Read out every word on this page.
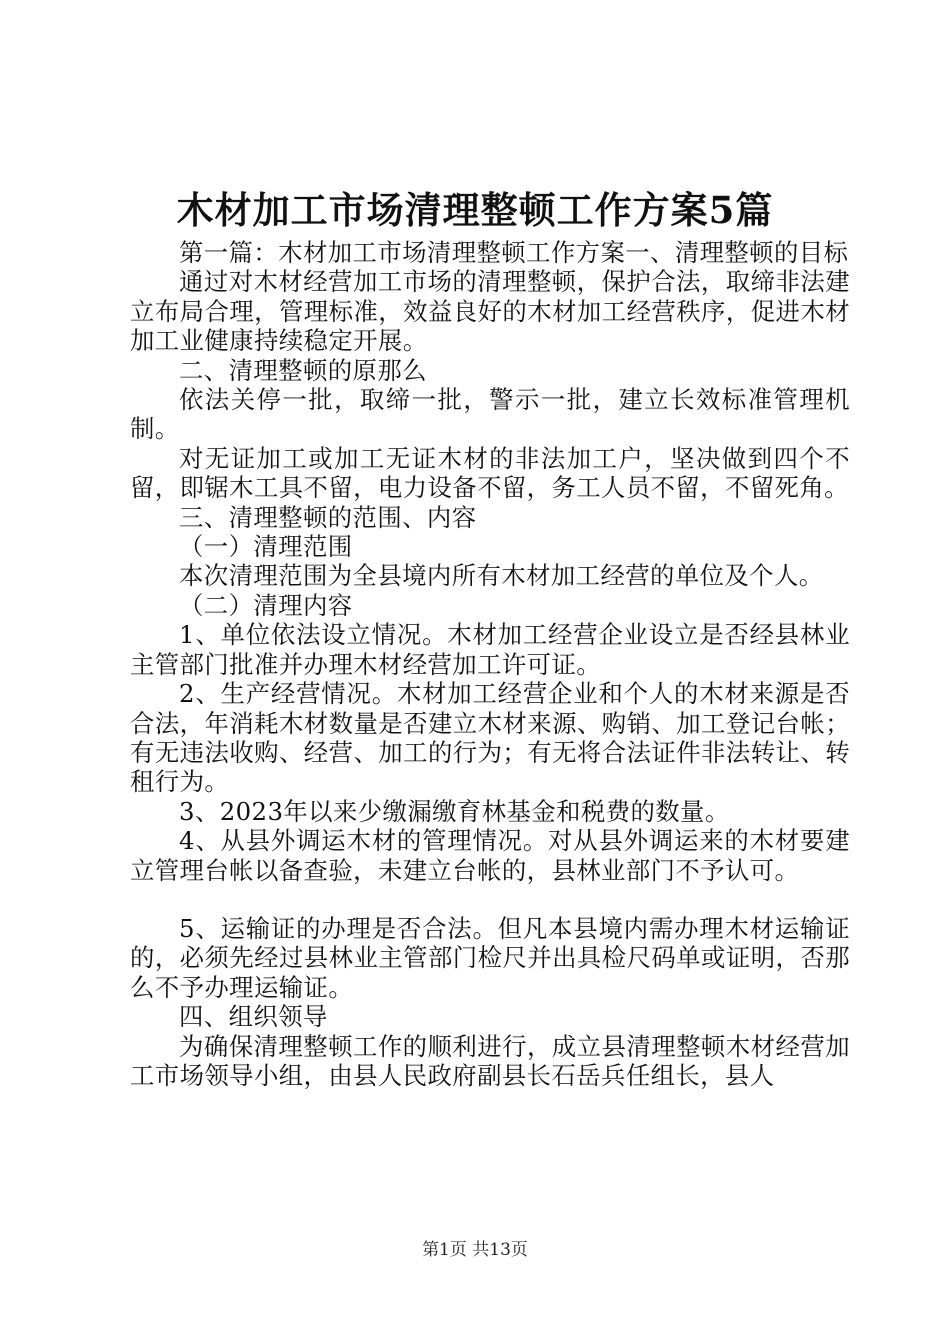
木材加工市场清理整顿工作方案5篇

第一篇：木材加工市场清理整顿工作方案一、清理整顿的目标

通过对木材经营加工市场的清理整顿，保护合法，取缔非法建立布局合理，管理标准，效益良好的木材加工经营秩序，促进木材加工业健康持续稳定开展。

二、清理整顿的原那么

依法关停一批，取缔一批，警示一批，建立长效标准管理机制。

对无证加工或加工无证木材的非法加工户，坚决做到四个不留，即锯木工具不留，电力设备不留，务工人员不留，不留死角。

三、清理整顿的范围、内容

（一）清理范围

本次清理范围为全县境内所有木材加工经营的单位及个人。

（二）清理内容

1、单位依法设立情况。木材加工经营企业设立是否经县林业主管部门批准并办理木材经营加工许可证。

2、生产经营情况。木材加工经营企业和个人的木材来源是否合法，年消耗木材数量是否建立木材来源、购销、加工登记台帐；有无违法收购、经营、加工的行为；有无将合法证件非法转让、转租行为。

3、2023年以来少缴漏缴育林基金和税费的数量。

4、从县外调运木材的管理情况。对从县外调运来的木材要建立管理台帐以备查验，未建立台帐的，县林业部门不予认可。

5、运输证的办理是否合法。但凡本县境内需办理木材运输证的，必须先经过县林业主管部门检尺并出具检尺码单或证明，否那么不予办理运输证。

四、组织领导

为确保清理整顿工作的顺利进行，成立县清理整顿木材经营加工市场领导小组，由县人民政府副县长石岳兵任组长，县人

第1页 共13页
